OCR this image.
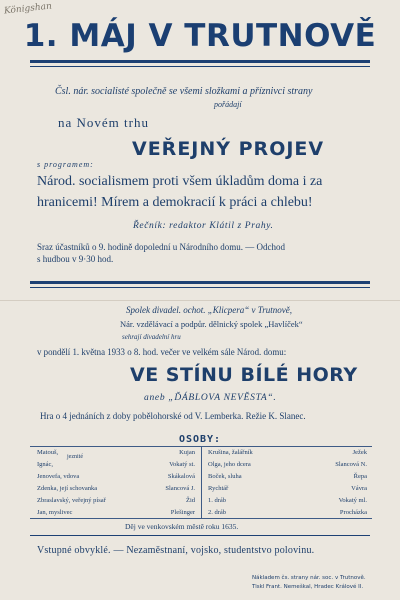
Königshan
1. MÁJ V TRUTNOVĚ
Čsl. nár. socialisté společně se všemi složkami a příznivci strany
pořádají
na Novém trhu
VEŘEJNÝ PROJEV
s programem:
Národ. socialismem proti všem úkladům doma i za
hranicemi! Mírem a demokracií k práci a chlebu!
Řečník: redaktor Klátil z Prahy.
Sraz účastníků o 9. hodině dopolední u Národního domu. — Odchod
s hudbou v 9·30 hod.
Spolek divadel. ochot. „Klicpera“ v Trutnově,
Nár. vzdělávací a podpůr. dělnický spolek „Havlíček“
sehrají divadelní hru
v pondělí 1. května 1933 o 8. hod. večer ve velkém sále Národ. domu:
VE STÍNU BÍLÉ HORY
aneb „ĎÁBLOVA NEVĚSTA“.
Hra o 4 jednáních z doby pobělohorské od V. Lemberka. Režie K. Slanec.
OSOBY:
jeznité
Matouš,	Kujan
Ignác,	Vokatý st.
Jenovefa, vdova	Skákalová
Zdenka, její schovanka	Slancová J.
Zbraslavský, veřejný písař	Žid
Jan, myslivec	Plešinger
Krušina, žalářník	Ježek
Olga, jeho dcera	Slancová N.
Boček, sluha	Řepa
Rychtář	Vávra
1. dráb	Vokatý ml.
2. dráb	Procházka
Děj ve venkovském městě roku 1635.
Vstupné obvyklé. — Nezaměstnaní, vojsko, studentstvo polovinu.
Nákladem čs. strany nár. soc. v Trutnově.
Tiskl Frant. Nemeškal, Hradec Králové II.
